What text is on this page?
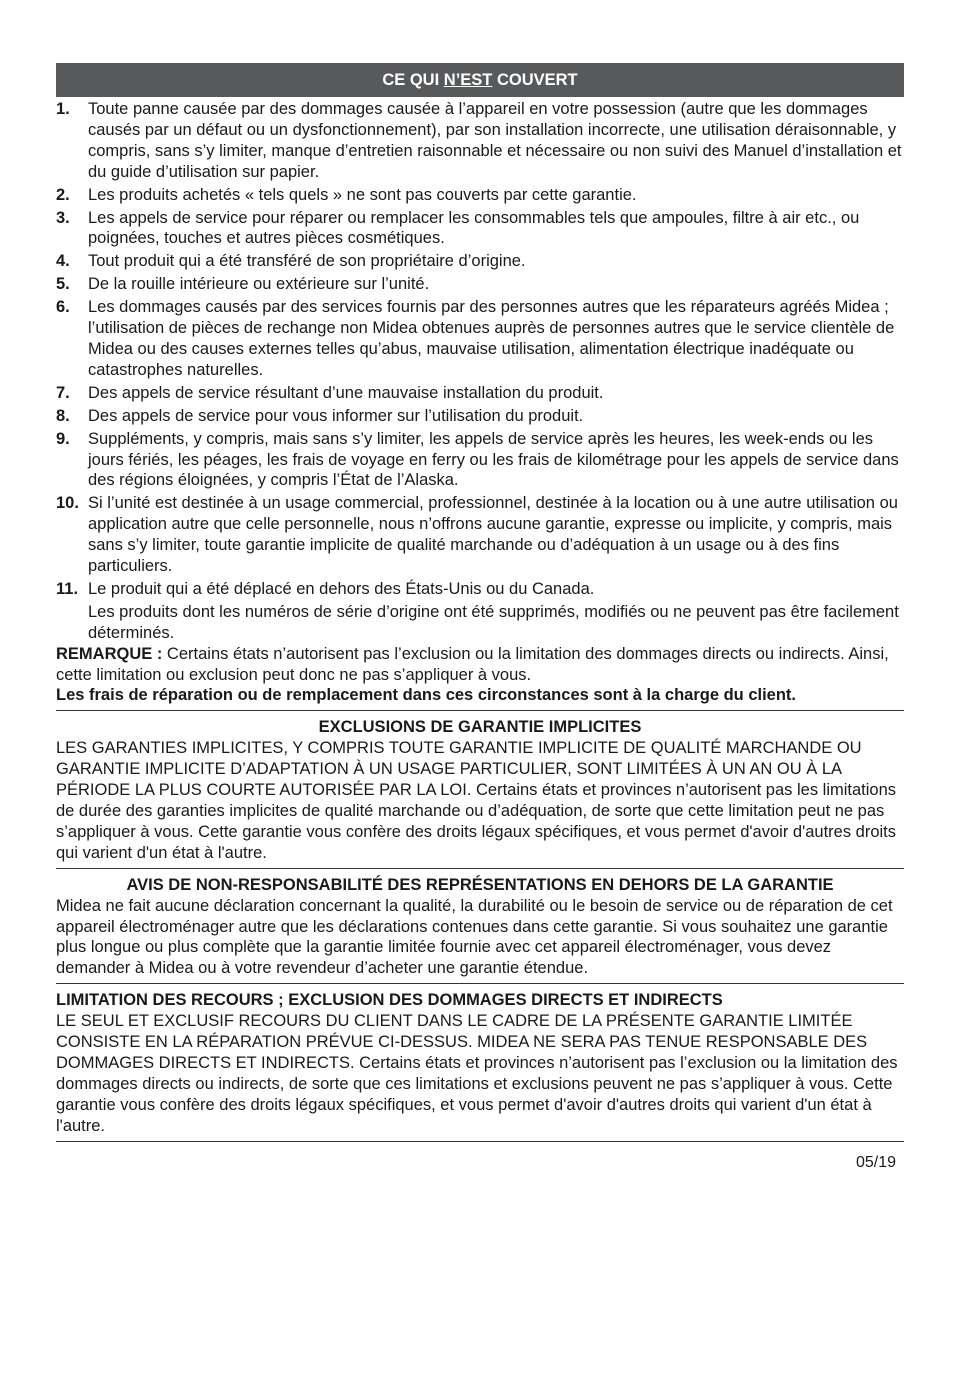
CE QUI N’EST COUVERT
1.	Toute panne causée par des dommages causée à l’appareil en votre possession (autre que les dommages causés par un défaut ou un dysfonctionnement), par son installation incorrecte, une utilisation déraisonnable, y compris, sans s’y limiter, manque d’entretien raisonnable et nécessaire ou non suivi des Manuel d’installation et du guide d’utilisation sur papier.
2.	Les produits achetés « tels quels » ne sont pas couverts par cette garantie.
3.	Les appels de service pour réparer ou remplacer les consommables tels que ampoules, filtre à air etc., ou poignées, touches et autres pièces cosmétiques.
4.	Tout produit qui a été transféré de son propriétaire d’origine.
5.	De la rouille intérieure ou extérieure sur l’unité.
6.	Les dommages causés par des services fournis par des personnes autres que les réparateurs agréés Midea ; l’utilisation de pièces de rechange non Midea obtenues auprès de personnes autres que le service clientèle de Midea ou des causes externes telles qu’abus, mauvaise utilisation, alimentation électrique inadéquate ou catastrophes naturelles.
7.	Des appels de service résultant d’une mauvaise installation du produit.
8.	Des appels de service pour vous informer sur l’utilisation du produit.
9.	Suppléments, y compris, mais sans s’y limiter, les appels de service après les heures, les week-ends ou les jours fériés, les péages, les frais de voyage en ferry ou les frais de kilométrage pour les appels de service dans des régions éloignées, y compris l’État de l’Alaska.
10. Si l’unité est destinée à un usage commercial, professionnel, destinée à la location ou à une autre utilisation ou application autre que celle personnelle, nous n’offrons aucune garantie, expresse ou implicite, y compris, mais sans s’y limiter, toute garantie implicite de qualité marchande ou d’adéquation à un usage ou à des fins particuliers.
11. Le produit qui a été déplacé en dehors des États-Unis ou du Canada.
Les produits dont les numéros de série d’origine ont été supprimés, modifiés ou ne peuvent pas être facilement déterminés.

REMARQUE : Certains états n’autorisent pas l’exclusion ou la limitation des dommages directs ou indirects. Ainsi, cette limitation ou exclusion peut donc ne pas s’appliquer à vous.

Les frais de réparation ou de remplacement dans ces circonstances sont à la charge du client.

EXCLUSIONS DE GARANTIE IMPLICITES

LES GARANTIES IMPLICITES, Y COMPRIS TOUTE GARANTIE IMPLICITE DE QUALITÉ MARCHANDE OU GARANTIE IMPLICITE D’ADAPTATION À UN USAGE PARTICULIER, SONT LIMITÉES À UN AN OU À LA PÉRIODE LA PLUS COURTE AUTORISÉE PAR LA LOI. Certains états et provinces n’autorisent pas les limitations de durée des garanties implicites de qualité marchande ou d’adéquation, de sorte que cette limitation peut ne pas s’appliquer à vous. Cette garantie vous confère des droits légaux spécifiques, et vous permet d'avoir d'autres droits qui varient d'un état à l'autre.

AVIS DE NON-RESPONSABILITÉ DES REPRÉSENTATIONS EN DEHORS DE LA GARANTIE

Midea ne fait aucune déclaration concernant la qualité, la durabilité ou le besoin de service ou de réparation de cet appareil électroménager autre que les déclarations contenues dans cette garantie. Si vous souhaitez une garantie plus longue ou plus complète que la garantie limitée fournie avec cet appareil électroménager, vous devez demander à Midea ou à votre revendeur d’acheter une garantie étendue.

LIMITATION DES RECOURS ; EXCLUSION DES DOMMAGES DIRECTS ET INDIRECTS

LE SEUL ET EXCLUSIF RECOURS DU CLIENT DANS LE CADRE DE LA PRÉSENTE GARANTIE LIMITÉE CONSISTE EN LA RÉPARATION PRÉVUE CI-DESSUS. MIDEA NE SERA PAS TENUE RESPONSABLE DES DOMMAGES DIRECTS ET INDIRECTS. Certains états et provinces n’autorisent pas l’exclusion ou la limitation des dommages directs ou indirects, de sorte que ces limitations et exclusions peuvent ne pas s’appliquer à vous. Cette garantie vous confère des droits légaux spécifiques, et vous permet d'avoir d'autres droits qui varient d'un état à l'autre.

05/19
